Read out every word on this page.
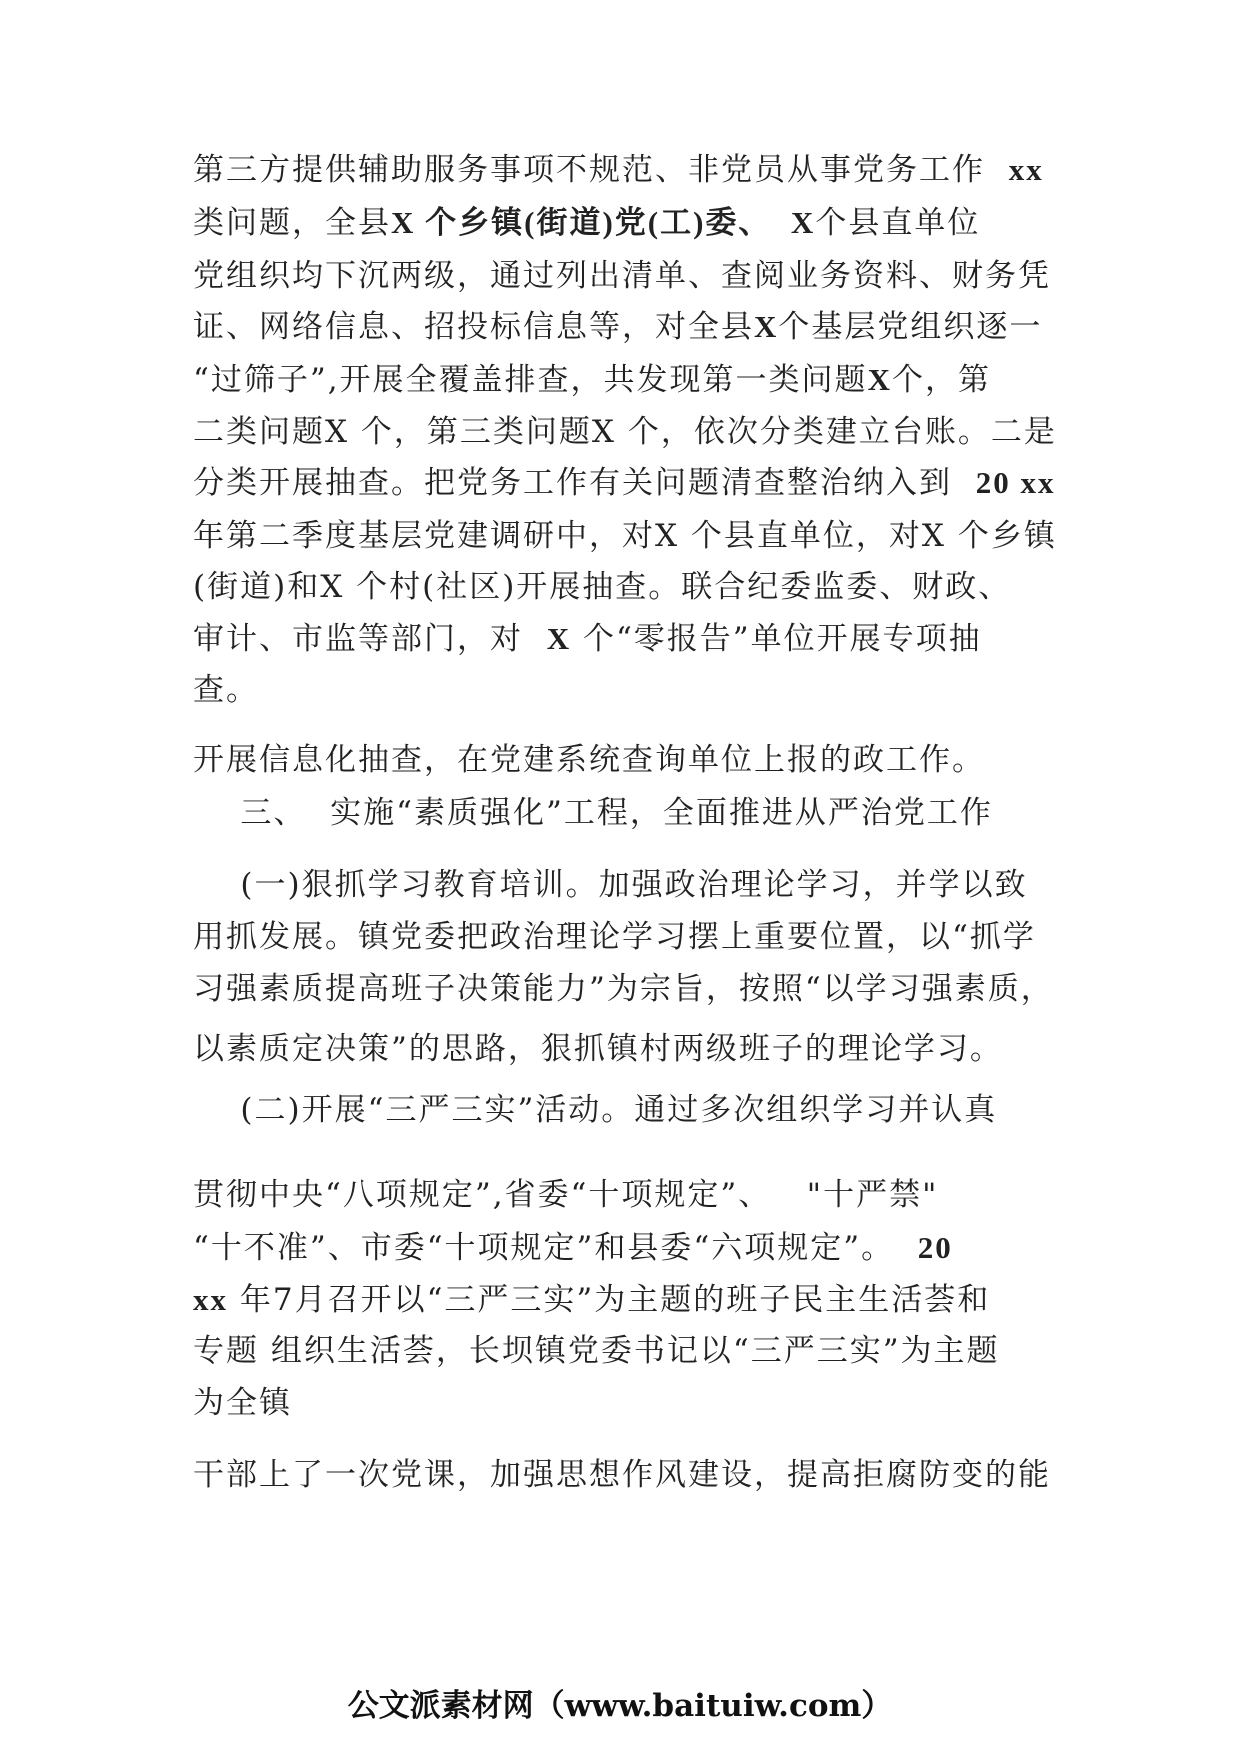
第三方提供辅助服务事项不规范、非党员从事党务工作  xx

类问题，全县X 个乡镇(街道)党(工)委、  X个县直单位

党组织均下沉两级，通过列出清单、查阅业务资料、财务凭

证、网络信息、招投标信息等，对全县X个基层党组织逐一

“过筛子”,开展全覆盖排查，共发现第一类问题X个，第

二类问题X 个，第三类问题X 个，依次分类建立台账。二是

分类开展抽查。把党务工作有关问题清查整治纳入到  20 xx

年第二季度基层党建调研中，对X 个县直单位，对X 个乡镇

(街道)和X 个村(社区)开展抽查。联合纪委监委、财政、

审计、市监等部门，对  X 个“零报告”单位开展专项抽

查。

开展信息化抽查，在党建系统查询单位上报的政工作。

三、  实施“素质强化”工程，全面推进从严治党工作

(一)狠抓学习教育培训。加强政治理论学习，并学以致

用抓发展。镇党委把政治理论学习摆上重要位置，以“抓学

习强素质提高班子决策能力”为宗旨，按照“以学习强素质，

以素质定决策”的思路，狠抓镇村两级班子的理论学习。

(二)开展“三严三实”活动。通过多次组织学习并认真

贯彻中央“八项规定”,省委“十项规定”、   "十严禁"

“十不准”、市委“十项规定”和县委“六项规定”。  20

xx 年7月召开以“三严三实”为主题的班子民主生活荟和

专题 组织生活荟，长坝镇党委书记以“三严三实”为主题

为全镇

干部上了一次党课，加强思想作风建设，提高拒腐防变的能

公文派素材网（www.baituiw.com）
